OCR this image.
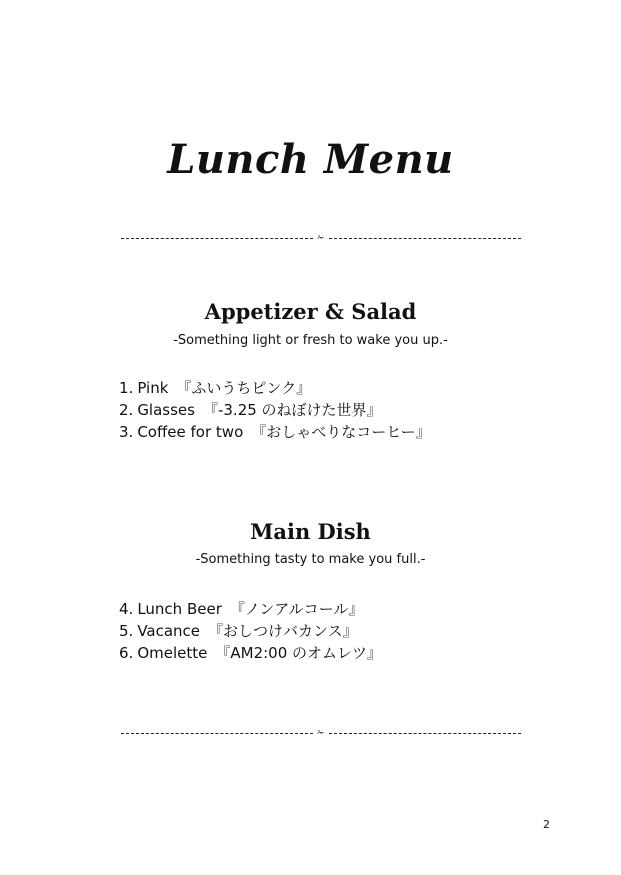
Lunch Menu
✁
Appetizer & Salad
-Something light or fresh to wake you up.-
1. Pink 『ふいうちピンク』
2. Glasses 『-3.25 のねぼけた世界』
3. Coffee for two 『おしゃべりなコーヒー』
Main Dish
-Something tasty to make you full.-
4. Lunch Beer 『ノンアルコール』
5. Vacance 『おしつけバカンス』
6. Omelette 『AM2:00 のオムレツ』
✁
2
